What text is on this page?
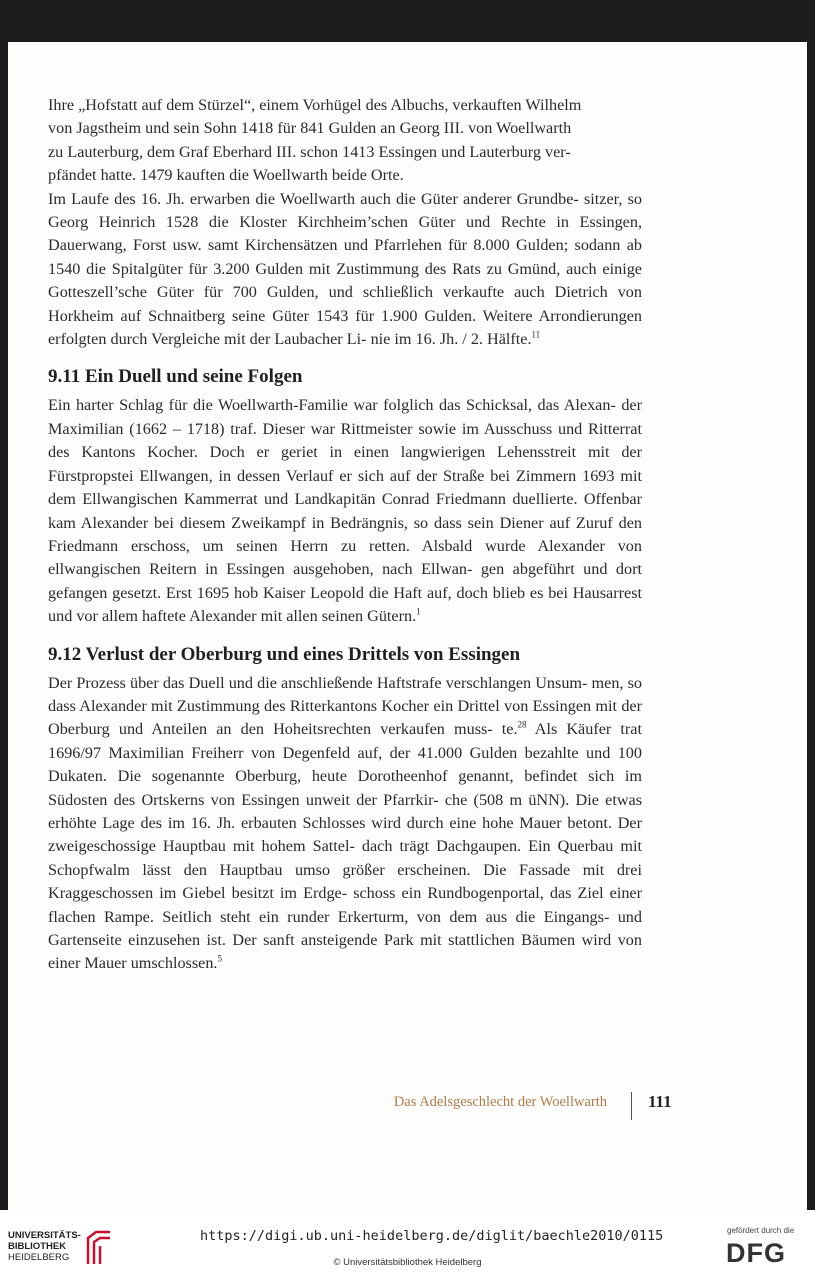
Ihre „Hofstatt auf dem Stürzel“, einem Vorhügel des Albuchs, verkauften Wilhelm
von Jagstheim und sein Sohn 1418 für 841 Gulden an Georg III. von Woellwarth
zu Lauterburg, dem Graf Eberhard III. schon 1413 Essingen und Lauterburg ver-
pfändet hatte. 1479 kauften die Woellwarth beide Orte.

Im Laufe des 16. Jh. erwarben die Woellwarth auch die Güter anderer Grundbe- sitzer, so Georg Heinrich 1528 die Kloster Kirchheim’schen Güter und Rechte in Essingen, Dauerwang, Forst usw. samt Kirchensätzen und Pfarrlehen für 8.000 Gulden; sodann ab 1540 die Spitalgüter für 3.200 Gulden mit Zustimmung des Rats zu Gmünd, auch einige Gotteszell’sche Güter für 700 Gulden, und schließlich verkaufte auch Dietrich von Horkheim auf Schnaitberg seine Güter 1543 für 1.900 Gulden. Weitere Arrondierungen erfolgten durch Vergleiche mit der Laubacher Li- nie im 16. Jh. / 2. Hälfte.$^{11}$

9.11 Ein Duell und seine Folgen

Ein harter Schlag für die Woellwarth-Familie war folglich das Schicksal, das Alexan- der Maximilian (1662 – 1718) traf. Dieser war Rittmeister sowie im Ausschuss und Ritterrat des Kantons Kocher. Doch er geriet in einen langwierigen Lehensstreit mit der Fürstpropstei Ellwangen, in dessen Verlauf er sich auf der Straße bei Zimmern 1693 mit dem Ellwangischen Kammerrat und Landkapitän Conrad Friedmann duellierte. Offenbar kam Alexander bei diesem Zweikampf in Bedrängnis, so dass sein Diener auf Zuruf den Friedmann erschoss, um seinen Herrn zu retten. Alsbald wurde Alexander von ellwangischen Reitern in Essingen ausgehoben, nach Ellwan- gen abgeführt und dort gefangen gesetzt. Erst 1695 hob Kaiser Leopold die Haft auf, doch blieb es bei Hausarrest und vor allem haftete Alexander mit allen seinen Gütern.$^1$

9.12 Verlust der Oberburg und eines Drittels von Essingen

Der Prozess über das Duell und die anschließende Haftstrafe verschlangen Unsum- men, so dass Alexander mit Zustimmung des Ritterkantons Kocher ein Drittel von Essingen mit der Oberburg und Anteilen an den Hoheitsrechten verkaufen muss- te.$^{28}$ Als Käufer trat 1696/97 Maximilian Freiherr von Degenfeld auf, der 41.000 Gulden bezahlte und 100 Dukaten. Die sogenannte Oberburg, heute Dorotheenhof genannt, befindet sich im Südosten des Ortskerns von Essingen unweit der Pfarrkir- che (508 m üNN). Die etwas erhöhte Lage des im 16. Jh. erbauten Schlosses wird durch eine hohe Mauer betont. Der zweigeschossige Hauptbau mit hohem Sattel- dach trägt Dachgaupen. Ein Querbau mit Schopfwalm lässt den Hauptbau umso größer erscheinen. Die Fassade mit drei Kraggeschossen im Giebel besitzt im Erdge- schoss ein Rundbogenportal, das Ziel einer flachen Rampe. Seitlich steht ein runder Erkerturm, von dem aus die Eingangs- und Gartenseite einzusehen ist. Der sanft ansteigende Park mit stattlichen Bäumen wird von einer Mauer umschlossen.$^5$

Das Adelsgeschlecht der Woellwarth 111
UNIVERSITÄTS-
BIBLIOTHEK
HEIDELBERG
https://digi.ub.uni-heidelberg.de/diglit/baechle2010/0115
© Universitätsbibliothek Heidelberg
gefördert durch die
DFG
